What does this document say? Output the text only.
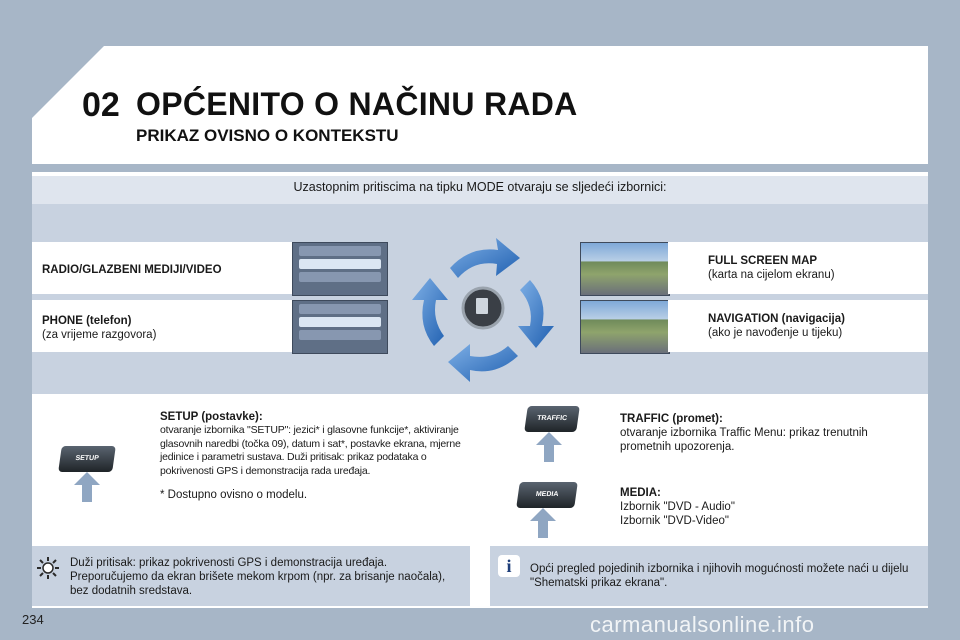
02 OPĆENITO O NAČINU RADA
PRIKAZ OVISNO O KONTEKSTU
Uzastopnim pritiscima na tipku MODE otvaraju se sljedeći izbornici:
RADIO/GLAZBENI MEDIJI/VIDEO
PHONE (telefon)
(za vrijeme razgovora)
FULL SCREEN MAP
(karta na cijelom ekranu)
NAVIGATION (navigacija)
(ako je navođenje u tijeku)
SETUP
SETUP (postavke):
otvaranje izbornika "SETUP": jezici* i glasovne funkcije*, aktiviranje glasovnih naredbi (točka 09), datum i sat*, postavke ekrana, mjerne jedinice i parametri sustava. Duži pritisak: prikaz podataka o pokrivenosti GPS i demonstracija rada uređaja.
* Dostupno ovisno o modelu.
TRAFFIC	TRAFFIC (promet):
otvaranje izbornika Traffic Menu: prikaz trenutnih prometnih upozorenja.
MEDIA	MEDIA:
Izbornik "DVD - Audio"
Izbornik "DVD-Video"
Duži pritisak: prikaz pokrivenosti GPS i demonstracija uređaja. Preporučujemo da ekran brišete mekom krpom (npr. za brisanje naočala), bez dodatnih sredstava.
i	Opći pregled pojedinih izbornika i njihovih mogućnosti možete naći u dijelu "Shematski prikaz ekrana".
234	carmanualsonline.info
